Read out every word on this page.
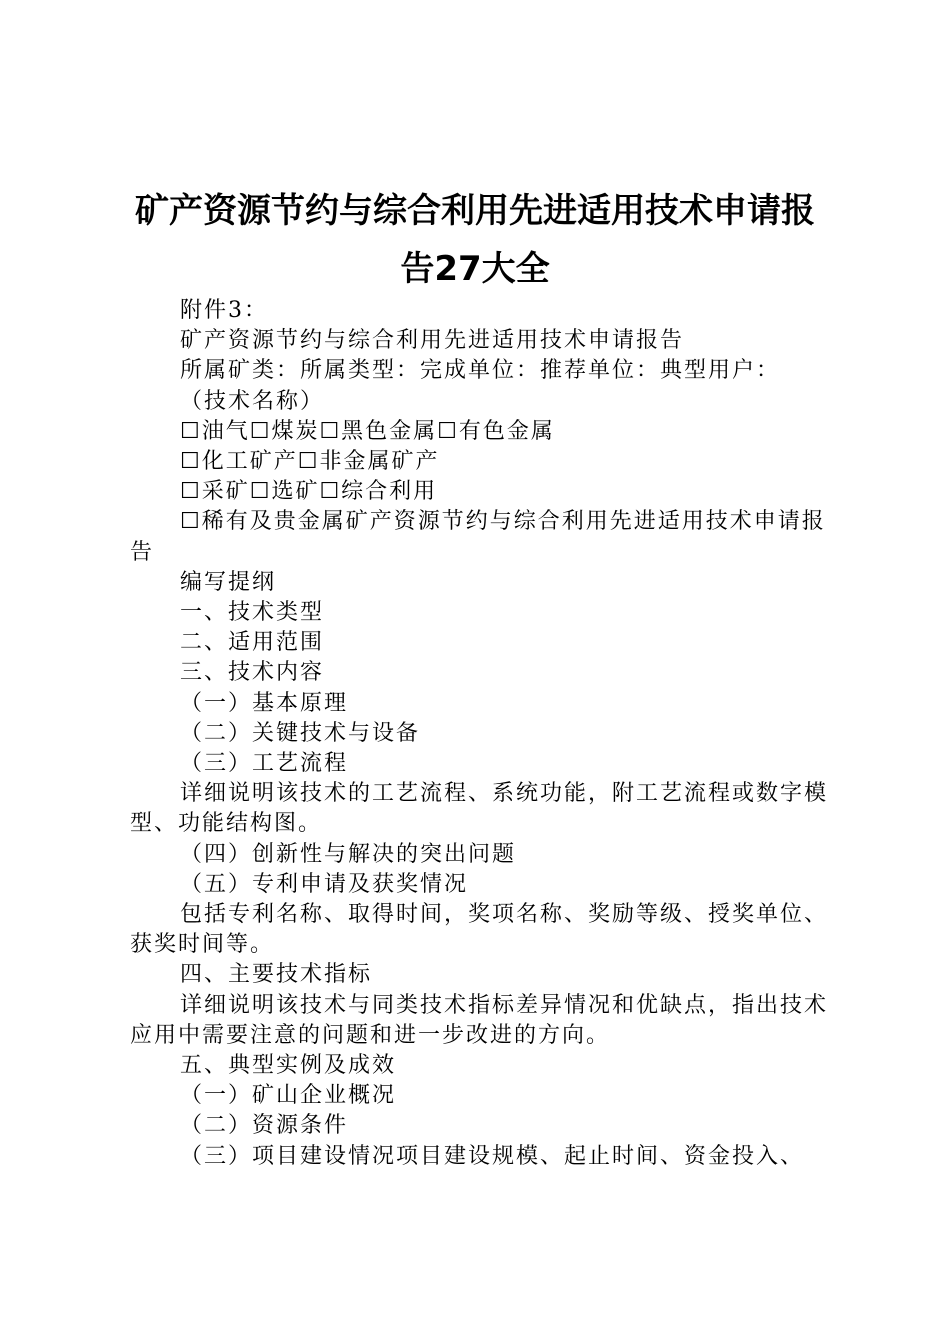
矿产资源节约与综合利用先进适用技术申请报
告27大全

附件3：

矿产资源节约与综合利用先进适用技术申请报告

所属矿类：所属类型：完成单位：推荐单位：典型用户：

（技术名称）

☐油气☐煤炭☐黑色金属☐有色金属

☐化工矿产☐非金属矿产

☐采矿☐选矿☐综合利用

☐稀有及贵金属矿产资源节约与综合利用先进适用技术申请报告

编写提纲

一、技术类型

二、适用范围

三、技术内容

（一）基本原理

（二）关键技术与设备

（三）工艺流程

详细说明该技术的工艺流程、系统功能，附工艺流程或数字模型、功能结构图。

（四）创新性与解决的突出问题

（五）专利申请及获奖情况

包括专利名称、取得时间，奖项名称、奖励等级、授奖单位、获奖时间等。

四、主要技术指标

详细说明该技术与同类技术指标差异情况和优缺点，指出技术应用中需要注意的问题和进一步改进的方向。

五、典型实例及成效

（一）矿山企业概况

（二）资源条件

（三）项目建设情况项目建设规模、起止时间、资金投入、
